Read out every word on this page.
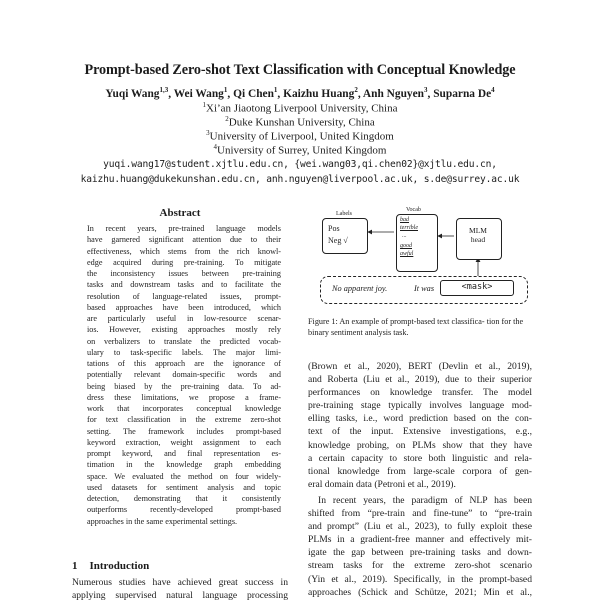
Prompt-based Zero-shot Text Classification with Conceptual Knowledge
Yuqi Wang$^{1,3}$, Wei Wang$^1$, Qi Chen$^1$, Kaizhu Huang$^2$, Anh Nguyen$^3$, Suparna De$^4$
$^1$Xi’an Jiaotong Liverpool University, China
$^2$Duke Kunshan University, China
$^3$University of Liverpool, United Kingdom
$^4$University of Surrey, United Kingdom
yuqi.wang17@student.xjtlu.edu.cn, {wei.wang03,qi.chen02}@xjtlu.edu.cn,
kaizhu.huang@dukekunshan.edu.cn, anh.nguyen@liverpool.ac.uk, s.de@surrey.ac.uk
Abstract
In recent years, pre-trained language models
have garnered significant attention due to their
effectiveness, which stems from the rich knowl-
edge acquired during pre-training. To mitigate
the inconsistency issues between pre-training
tasks and downstream tasks and to facilitate the
resolution of language-related issues, prompt-
based approaches have been introduced, which
are particularly useful in low-resource scenar-
ios. However, existing approaches mostly rely
on verbalizers to translate the predicted vocab-
ulary to task-specific labels. The major limi-
tations of this approach are the ignorance of
potentially relevant domain-specific words and
being biased by the pre-training data. To ad-
dress these limitations, we propose a frame-
work that incorporates conceptual knowledge
for text classification in the extreme zero-shot
setting. The framework includes prompt-based
keyword extraction, weight assignment to each
prompt keyword, and final representation es-
timation in the knowledge graph embedding
space. We evaluated the method on four widely-
used datasets for sentiment analysis and topic
detection, demonstrating that it consistently
outperforms recently-developed prompt-based
approaches in the same experimental settings.
1 Introduction
Numerous studies have achieved great success in
applying supervised natural language processing
Labels
Pos
Neg √
Vocab
bad
terrible
...
good
awful
MLM
head
No apparent joy.	It was	<mask>
Figure 1: An example of prompt-based text classifica- tion for the binary sentiment analysis task.
(Brown et al., 2020), BERT (Devlin et al., 2019),
and Roberta (Liu et al., 2019), due to their superior
performances on knowledge transfer. The model
pre-training stage typically involves language mod-
elling tasks, i.e., word prediction based on the con-
text of the input. Extensive investigations, e.g.,
knowledge probing, on PLMs show that they have
a certain capacity to store both linguistic and rela-
tional knowledge from large-scale corpora of gen-
eral domain data (Petroni et al., 2019).
In recent years, the paradigm of NLP has been
shifted from “pre-train and fine-tune” to “pre-train
and prompt” (Liu et al., 2023), to fully exploit these
PLMs in a gradient-free manner and effectively mit-
igate the gap between pre-training tasks and down-
stream tasks for the extreme zero-shot scenario
(Yin et al., 2019). Specifically, in the prompt-based
approaches (Schick and Schütze, 2021; Min et al.,
